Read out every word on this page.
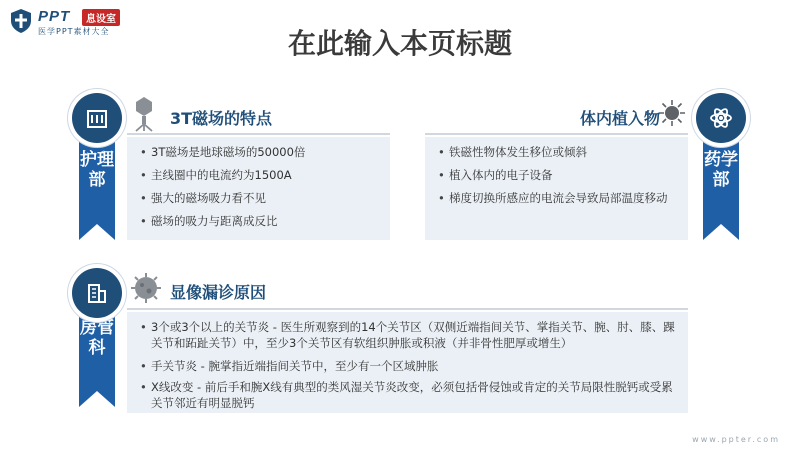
PPT	息设室
医学PPT素材大全	在此输入本页标题
护理部
药学部
房管科
3T磁场的特点
• 3T磁场是地球磁场的50000倍
• 主线圈中的电流约为1500A
• 强大的磁场吸力看不见
• 磁场的吸力与距离成反比
体内植入物
• 铁磁性物体发生移位或倾斜
• 植入体内的电子设备
• 梯度切换所感应的电流会导致局部温度移动
显像漏诊原因
• 3个或3个以上的关节炎 - 医生所观察到的14个关节区（双侧近端指间关节、掌指关节、腕、肘、膝、踝关节和跖趾关节）中，至少3个关节区有软组织肿胀或积液（并非骨性肥厚或增生）
• 手关节炎 - 腕掌指近端指间关节中，至少有一个区域肿胀
• X线改变 - 前后手和腕X线有典型的类风湿关节炎改变，必须包括骨侵蚀或肯定的关节局限性脱钙或受累关节邻近有明显脱钙
www.ppter.com
